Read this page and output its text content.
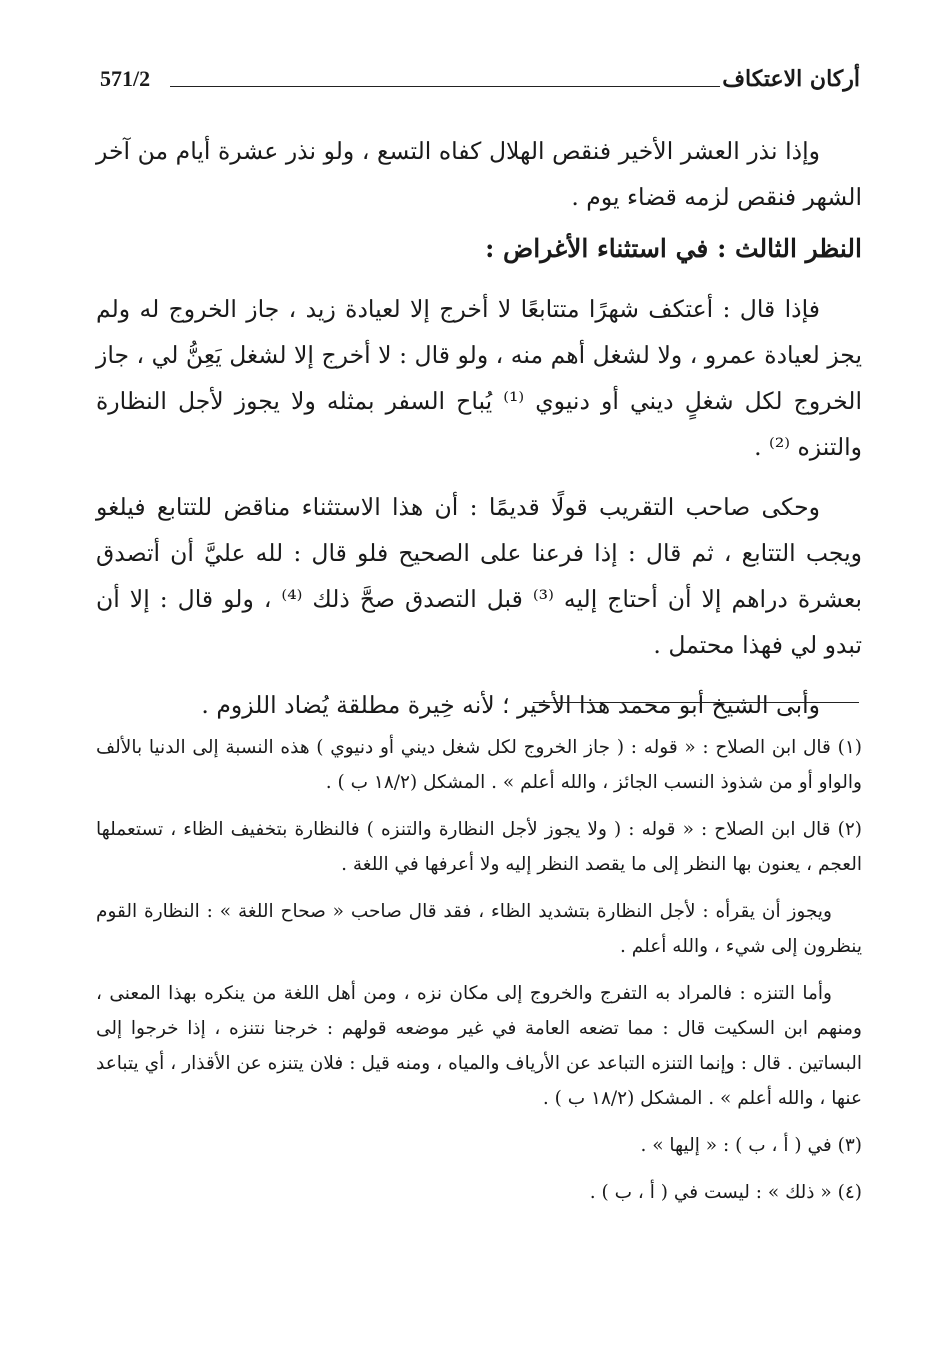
أركان الاعتكاف
571/2

وإذا نذر العشر الأخير فنقص الهلال كفاه التسع ، ولو نذر عشرة أيام من آخر الشهر فنقص لزمه قضاء يوم .

النظر الثالث : في استثناء الأغراض :

فإذا قال : أعتكف شهرًا متتابعًا لا أخرج إلا لعيادة زيد ، جاز الخروج له ولم يجز لعيادة عمرو ، ولا لشغل أهم منه ، ولو قال : لا أخرج إلا لشغل يَعِنُّ لي ، جاز الخروج لكل شغلٍ ديني أو دنيوي ⁽¹⁾ يُباح السفر بمثله ولا يجوز لأجل النظارة والتنزه ⁽²⁾ .

وحكى صاحب التقريب قولًا قديمًا : أن هذا الاستثناء مناقض للتتابع فيلغو ويجب التتابع ، ثم قال : إذا فرعنا على الصحيح فلو قال : لله عليَّ أن أتصدق بعشرة دراهم إلا أن أحتاج إليه ⁽³⁾ قبل التصدق صحَّ ذلك ⁽⁴⁾ ، ولو قال : إلا أن تبدو لي فهذا محتمل .

وأبى الشيخ أبو محمد هذا الأخير ؛ لأنه خِيرة مطلقة يُضاد اللزوم .

(١) قال ابن الصلاح : « قوله : ( جاز الخروج لكل شغل ديني أو دنيوي ) هذه النسبة إلى الدنيا بالألف والواو أو من شذوذ النسب الجائز ، والله أعلم » . المشكل (١٨/٢ ب ) .

(٢) قال ابن الصلاح : « قوله : ( ولا يجوز لأجل النظارة والتنزه ) فالنظارة بتخفيف الظاء ، تستعملها العجم ، يعنون بها النظر إلى ما يقصد النظر إليه ولا أعرفها في اللغة .

ويجوز أن يقرأه : لأجل النظارة بتشديد الظاء ، فقد قال صاحب « صحاح اللغة » : النظارة القوم ينظرون إلى شيء ، والله أعلم .

وأما التنزه : فالمراد به التفرج والخروج إلى مكان نزه ، ومن أهل اللغة من ينكره بهذا المعنى ، ومنهم ابن السكيت قال : مما تضعه العامة في غير موضعه قولهم : خرجنا نتنزه ، إذا خرجوا إلى البساتين . قال : وإنما التنزه التباعد عن الأرياف والمياه ، ومنه قيل : فلان يتنزه عن الأقذار ، أي يتباعد عنها ، والله أعلم » . المشكل (١٨/٢ ب ) .

(٣) في ( أ ، ب ) : « إليها » .

(٤) « ذلك » : ليست في ( أ ، ب ) .
